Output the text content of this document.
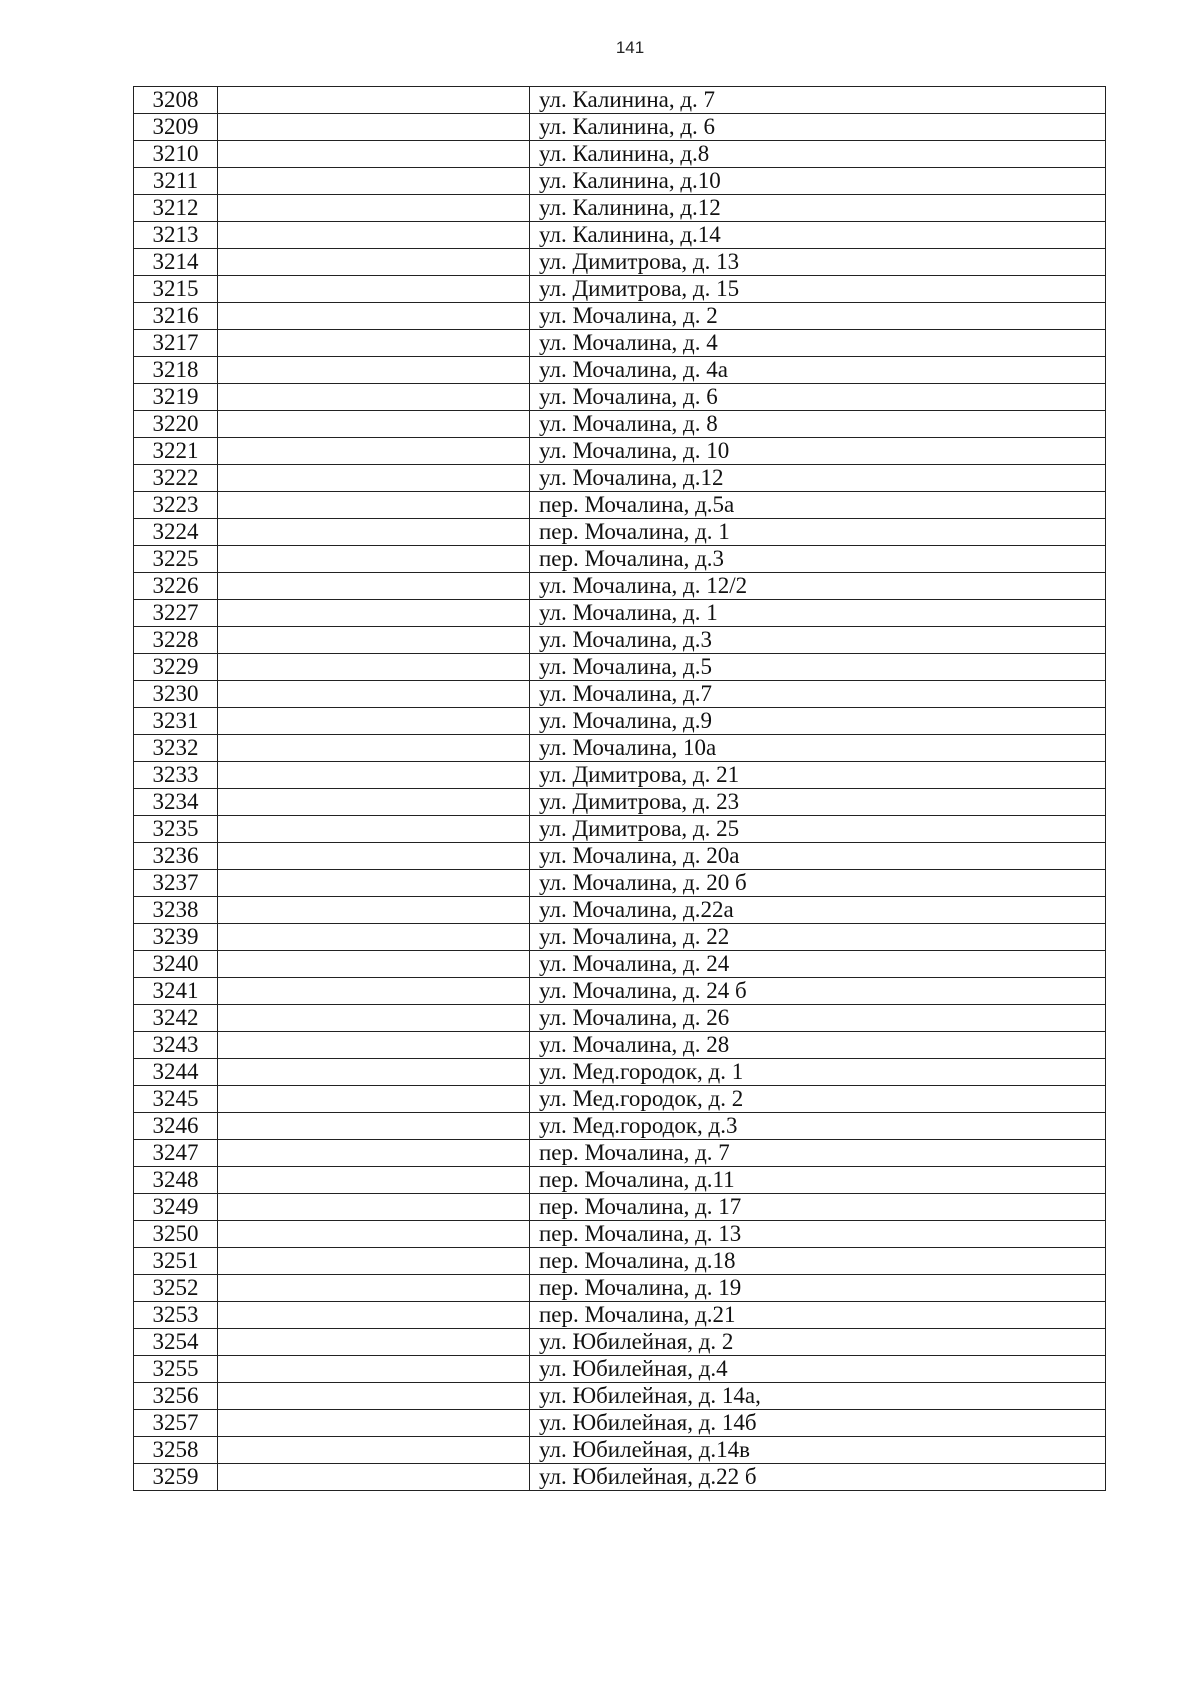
141
3208		ул. Калинина, д. 7
3209		ул. Калинина, д. 6
3210		ул. Калинина, д.8
3211		ул. Калинина, д.10
3212		ул. Калинина, д.12
3213		ул. Калинина, д.14
3214		ул. Димитрова, д. 13
3215		ул. Димитрова, д. 15
3216		ул. Мочалина, д. 2
3217		ул. Мочалина, д. 4
3218		ул. Мочалина, д. 4а
3219		ул. Мочалина, д. 6
3220		ул. Мочалина, д. 8
3221		ул. Мочалина, д. 10
3222		ул. Мочалина, д.12
3223		пер. Мочалина, д.5а
3224		пер. Мочалина, д. 1
3225		пер. Мочалина, д.3
3226		ул. Мочалина, д. 12/2
3227		ул. Мочалина, д. 1
3228		ул. Мочалина, д.3
3229		ул. Мочалина, д.5
3230		ул. Мочалина, д.7
3231		ул. Мочалина, д.9
3232		ул. Мочалина, 10а
3233		ул. Димитрова, д. 21
3234		ул. Димитрова, д. 23
3235		ул. Димитрова, д. 25
3236		ул. Мочалина, д. 20а
3237		ул. Мочалина, д. 20 б
3238		ул. Мочалина, д.22а
3239		ул. Мочалина, д. 22
3240		ул. Мочалина, д. 24
3241		ул. Мочалина, д. 24 б
3242		ул. Мочалина, д. 26
3243		ул. Мочалина, д. 28
3244		ул. Мед.городок, д. 1
3245		ул. Мед.городок, д. 2
3246		ул. Мед.городок, д.3
3247		пер. Мочалина, д. 7
3248		пер. Мочалина, д.11
3249		пер. Мочалина, д. 17
3250		пер. Мочалина, д. 13
3251		пер. Мочалина, д.18
3252		пер. Мочалина, д. 19
3253		пер. Мочалина, д.21
3254		ул. Юбилейная, д. 2
3255		ул. Юбилейная, д.4
3256		ул. Юбилейная, д. 14а,
3257		ул. Юбилейная, д. 14б
3258		ул. Юбилейная, д.14в
3259		ул. Юбилейная, д.22 б
